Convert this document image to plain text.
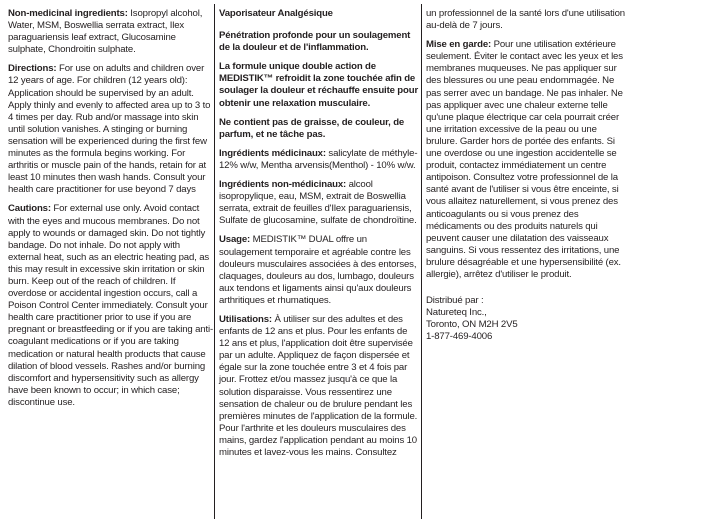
Non-medicinal ingredients: Isopropyl alcohol, Water, MSM, Boswellia serrata extract, Ilex paraguariensis leaf extract, Glucosamine sulphate, Chondroitin sulphate.

Directions: For use on adults and children over 12 years of age. For children (12 years old): Application should be supervised by an adult. Apply thinly and evenly to affected area up to 3 to 4 times per day. Rub and/or massage into skin until solution vanishes. A stinging or burning sensation will be experienced during the first few minutes as the formula begins working. For arthritis or muscle pain of the hands, retain for at least 10 minutes then wash hands. Consult your health care practitioner for use beyond 7 days

Cautions: For external use only. Avoid contact with the eyes and mucous membranes. Do not apply to wounds or damaged skin. Do not tightly bandage. Do not inhale. Do not apply with external heat, such as an electric heating pad, as this may result in excessive skin irritation or skin burn. Keep out of the reach of children. If overdose or accidental ingestion occurs, call a Poison Control Center immediately. Consult your health care practitioner prior to use if you are pregnant or breastfeeding or if you are taking anti-coagulant medications or if you are taking medication or natural health products that cause dilation of blood vessels. Rashes and/or burning discomfort and hypersensitivity such as allergy have been known to occur; in which case; discontinue use.

Vaporisateur Analgésique

Pénétration profonde pour un soulagement de la douleur et de l'inflammation.

La formule unique double action de MEDISTIK™ refroidit la zone touchée afin de soulager la douleur et réchauffe ensuite pour obtenir une relaxation musculaire.

Ne contient pas de graisse, de couleur, de parfum, et ne tâche pas.

Ingrédients médicinaux: salicylate de méthyle-12% w/w, Mentha arvensis(Menthol) - 10% w/w.

Ingrédients non-médicinaux: alcool isopropylique, eau, MSM, extrait de Boswellia serrata, extrait de feuilles d'Ilex paraguariensis, Sulfate de glucosamine, sulfate de chondroïtine.

Usage: MEDISTIK™ DUAL offre un soulagement temporaire et agréable contre les douleurs musculaires associées à des entorses, claquages, douleurs au dos, lumbago, douleurs aux tendons et ligaments ainsi qu'aux douleurs arthritiques et rhumatiques.

Utilisations: À utiliser sur des adultes et des enfants de 12 ans et plus. Pour les enfants de 12 ans et plus, l'application doit être supervisée par un adulte. Appliquez de façon dispersée et égale sur la zone touchée entre 3 et 4 fois par jour. Frottez et/ou massez jusqu'à ce que la solution disparaisse. Vous ressentirez une sensation de chaleur ou de brulure pendant les premières minutes de l'application de la formule. Pour l'arthrite et les douleurs musculaires des mains, gardez l'application pendant au moins 10 minutes et lavez-vous les mains. Consultez

un professionnel de la santé lors d'une utilisation au-delà de 7 jours.

Mise en garde: Pour une utilisation extérieure seulement. Éviter le contact avec les yeux et les membranes muqueuses. Ne pas appliquer sur des blessures ou une peau endommagée. Ne pas serrer avec un bandage. Ne pas inhaler. Ne pas appliquer avec une chaleur externe telle qu'une plaque électrique car cela pourrait créer une irritation excessive de la peau ou une brulure. Garder hors de portée des enfants. Si une overdose ou une ingestion accidentelle se produit, contactez immédiatement un centre antipoison. Consultez votre professionnel de la santé avant de l'utiliser si vous être enceinte, si vous allaitez naturellement, si vous prenez des anticoagulants ou si vous prenez des médicaments ou des produits naturels qui peuvent causer une dilatation des vaisseaux sanguins. Si vous ressentez des irritations, une brulure désagréable et une hypersensibilité (ex. allergie), arrêtez d'utiliser le produit.

Distribué par :
Natureteq Inc.,
Toronto, ON M2H 2V5
1-877-469-4006
